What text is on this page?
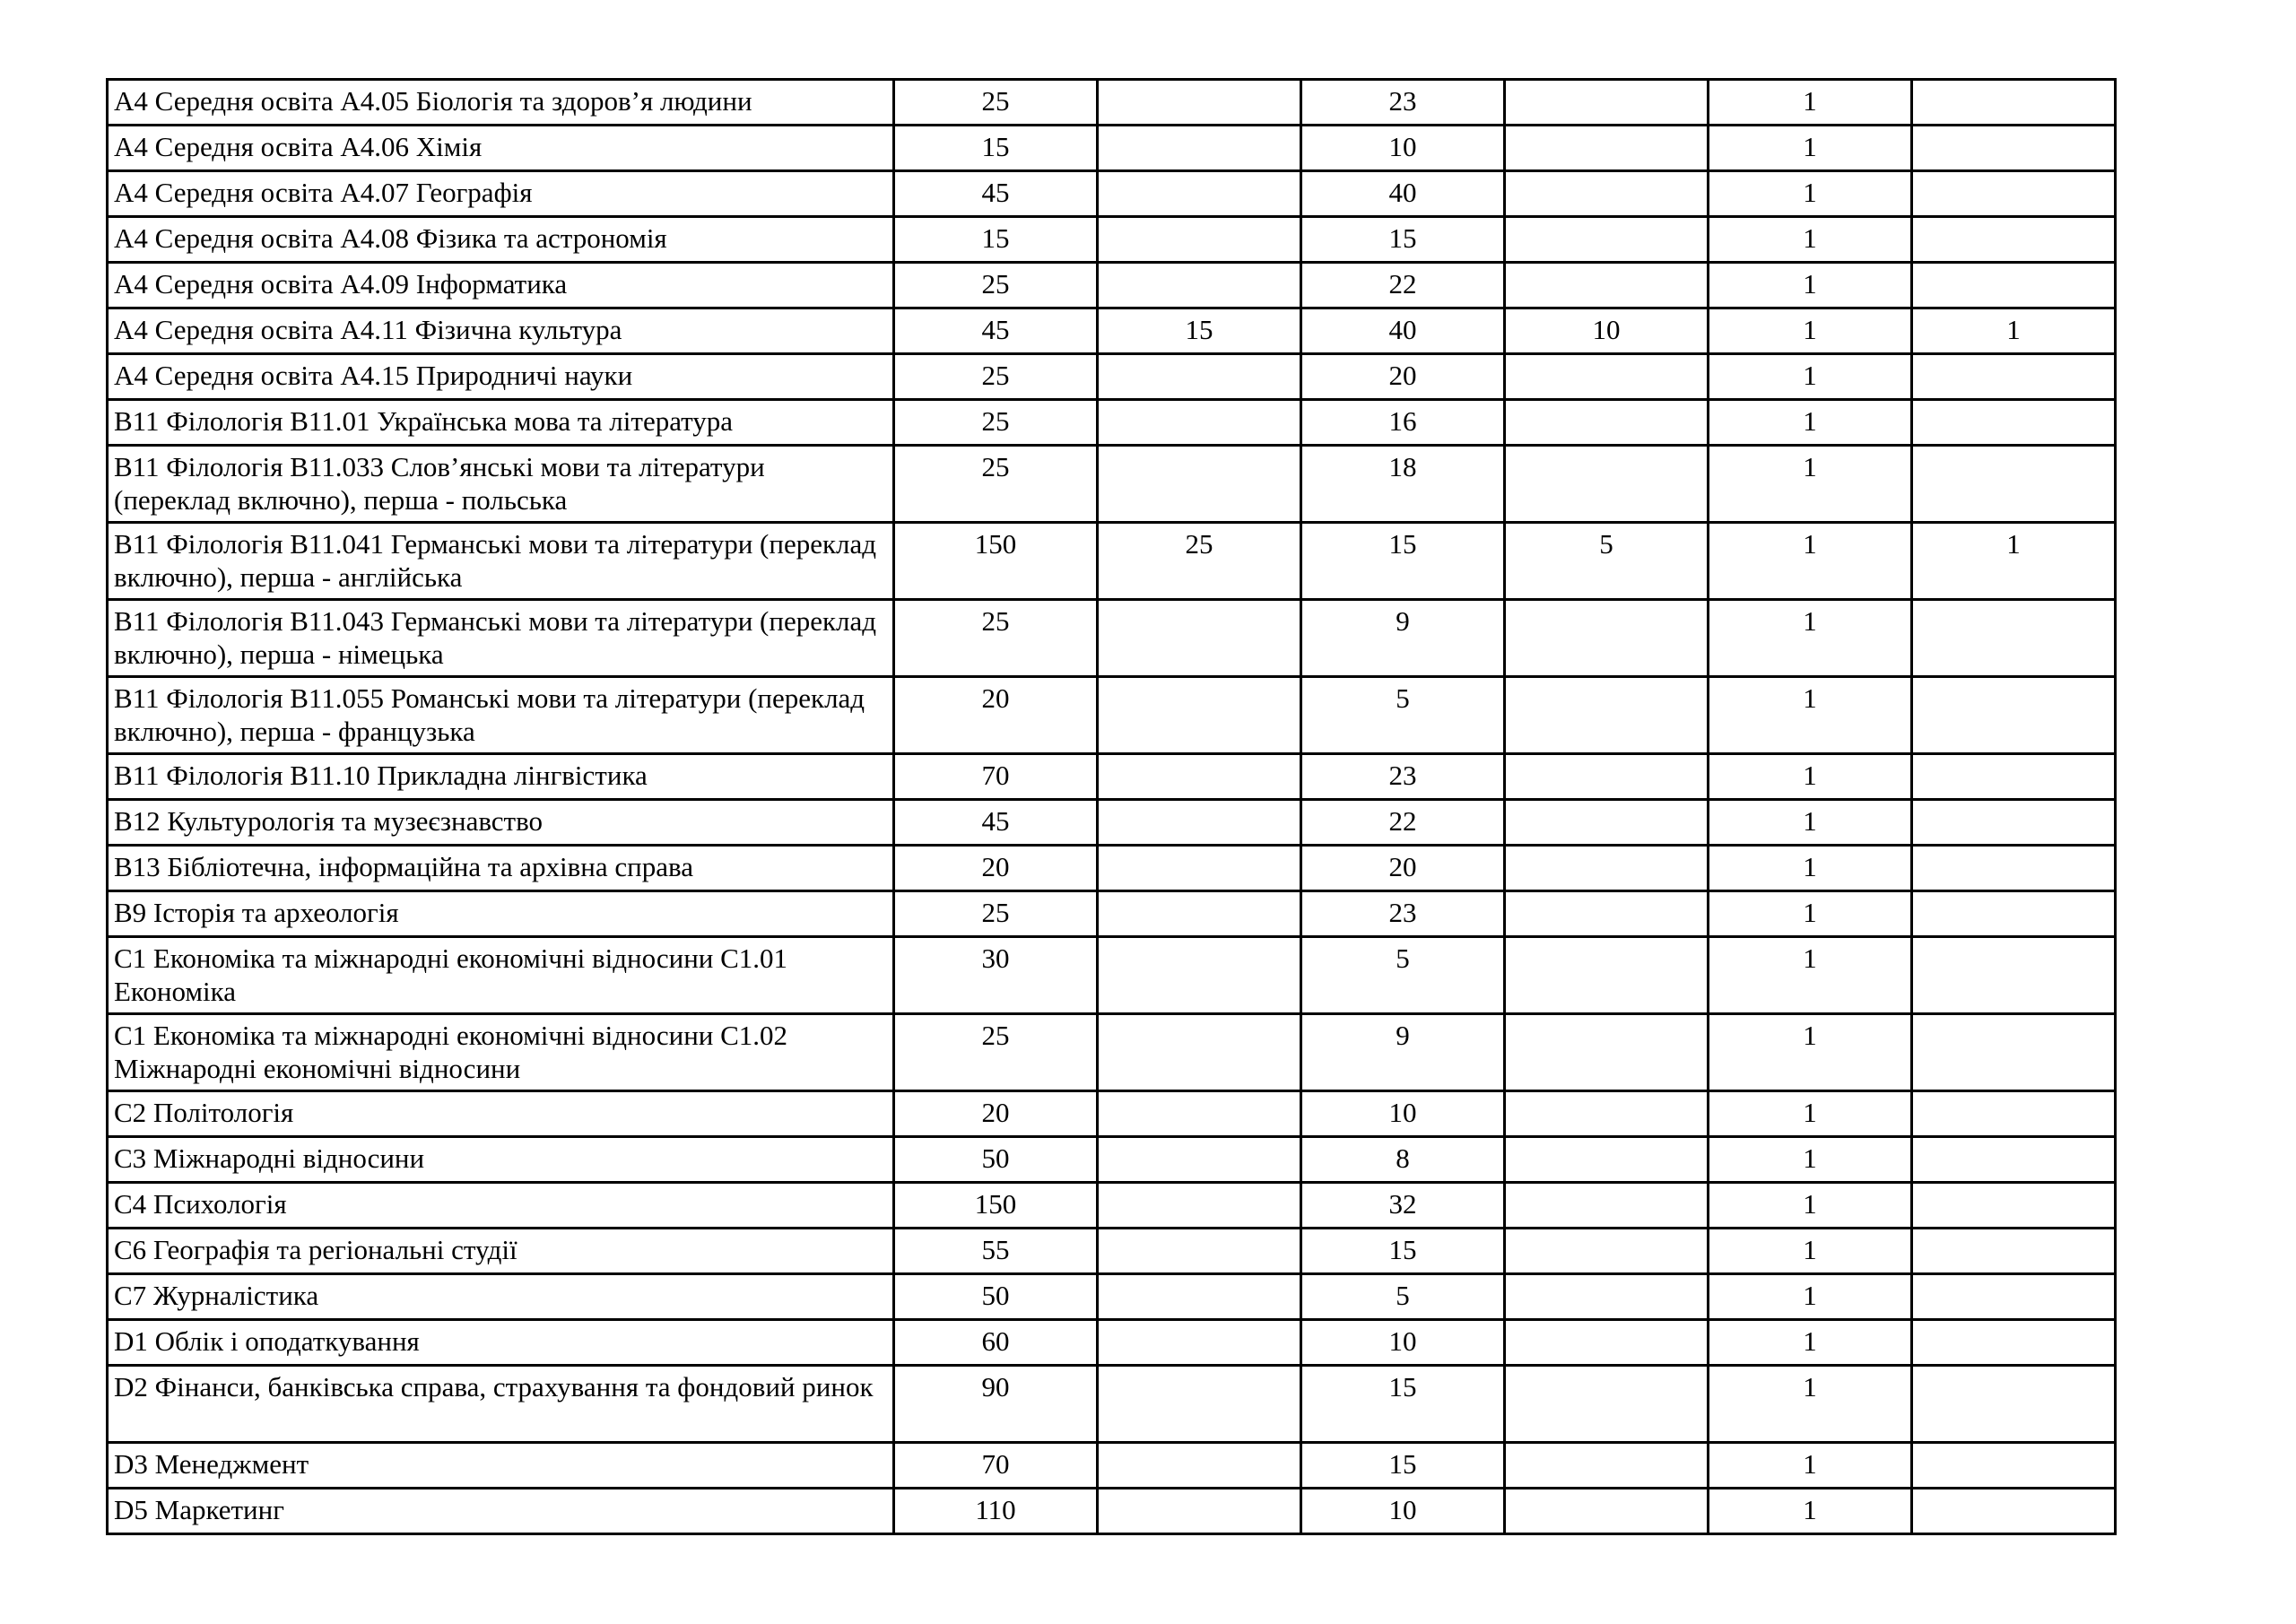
A4 Середня освіта A4.05 Біологія та здоров’я людини	25		23		1	
A4 Середня освіта A4.06 Хімія	15		10		1	
A4 Середня освіта A4.07 Географія	45		40		1	
A4 Середня освіта A4.08 Фізика та астрономія	15		15		1	
A4 Середня освіта A4.09 Інформатика	25		22		1	
A4 Середня освіта A4.11 Фізична культура	45	15	40	10	1	1
A4 Середня освіта A4.15 Природничі науки	25		20		1	
B11 Філологія B11.01 Українська мова та література	25		16		1	
B11 Філологія B11.033 Слов’янські мови та літератури (переклад включно), перша - польська	25		18		1	
B11 Філологія B11.041 Германські мови та літератури (переклад включно), перша - англійська	150	25	15	5	1	1
B11 Філологія B11.043 Германські мови та літератури (переклад включно), перша - німецька	25		9		1	
B11 Філологія B11.055 Романські мови та літератури (переклад включно), перша - французька	20		5		1	
B11 Філологія B11.10 Прикладна лінгвістика	70		23		1	
B12 Культурологія та музеєзнавство	45		22		1	
B13 Бібліотечна, інформаційна та архівна справа	20		20		1	
B9 Історія та археологія	25		23		1	
C1 Економіка та міжнародні економічні відносини C1.01 Економіка	30		5		1	
C1 Економіка та міжнародні економічні відносини C1.02 Міжнародні економічні відносини	25		9		1	
C2 Політологія	20		10		1	
C3 Міжнародні відносини	50		8		1	
C4 Психологія	150		32		1	
C6 Географія та регіональні студії	55		15		1	
C7 Журналістика	50		5		1	
D1 Облік і оподаткування	60		10		1	
D2 Фінанси, банківська справа, страхування та фондовий ринок	90		15		1	
D3 Менеджмент	70		15		1	
D5 Маркетинг	110		10		1	
